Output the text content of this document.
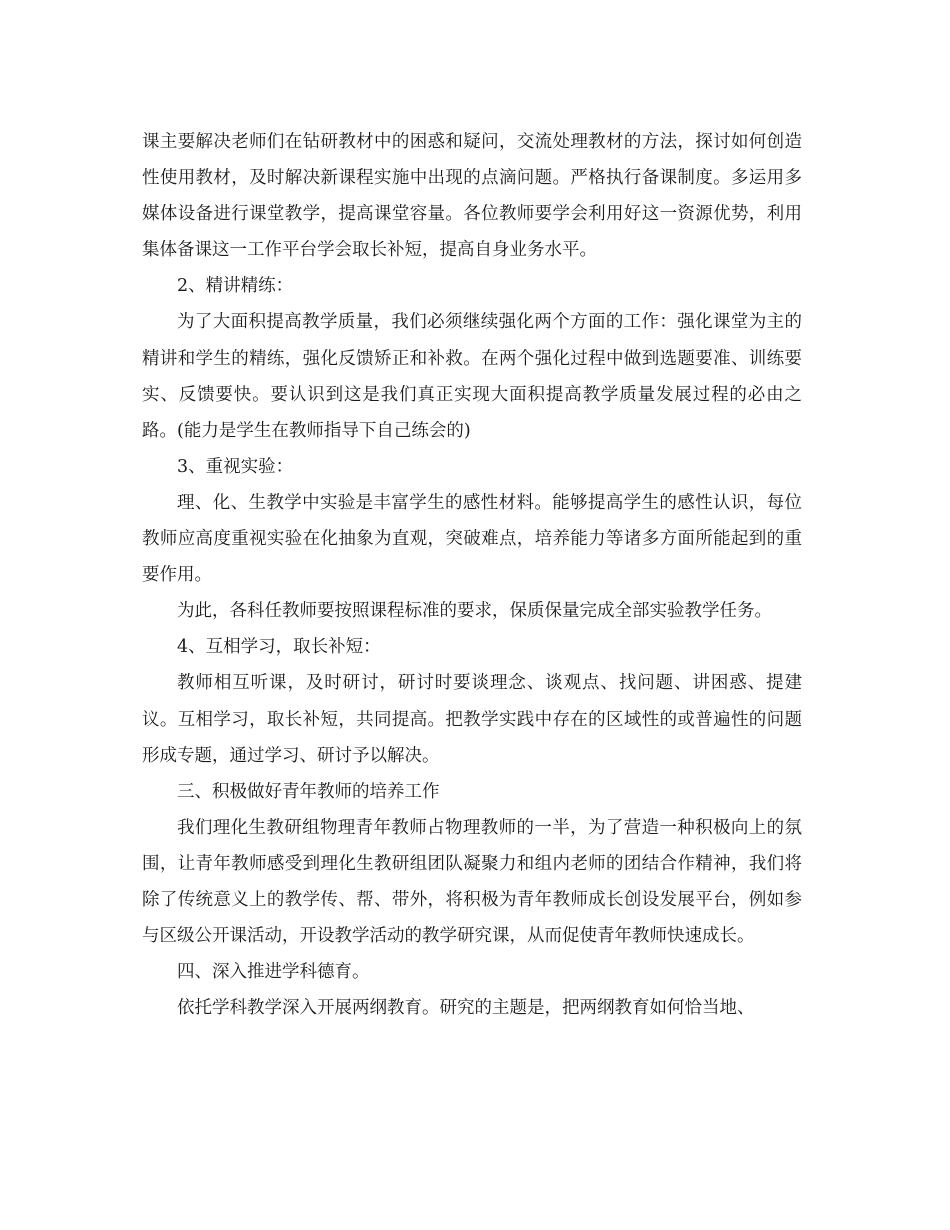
课主要解决老师们在钻研教材中的困惑和疑问，交流处理教材的方法，探讨如何创造性使用教材，及时解决新课程实施中出现的点滴问题。严格执行备课制度。多运用多媒体设备进行课堂教学，提高课堂容量。各位教师要学会利用好这一资源优势，利用集体备课这一工作平台学会取长补短，提高自身业务水平。

2、精讲精练：

为了大面积提高教学质量，我们必须继续强化两个方面的工作：强化课堂为主的精讲和学生的精练，强化反馈矫正和补救。在两个强化过程中做到选题要准、训练要实、反馈要快。要认识到这是我们真正实现大面积提高教学质量发展过程的必由之路。(能力是学生在教师指导下自己练会的)

3、重视实验：

理、化、生教学中实验是丰富学生的感性材料。能够提高学生的感性认识，每位教师应高度重视实验在化抽象为直观，突破难点，培养能力等诸多方面所能起到的重要作用。

为此，各科任教师要按照课程标准的要求，保质保量完成全部实验教学任务。

4、互相学习，取长补短：

教师相互听课，及时研讨，研讨时要谈理念、谈观点、找问题、讲困惑、提建议。互相学习，取长补短，共同提高。把教学实践中存在的区域性的或普遍性的问题形成专题，通过学习、研讨予以解决。

三、积极做好青年教师的培养工作

我们理化生教研组物理青年教师占物理教师的一半，为了营造一种积极向上的氛围，让青年教师感受到理化生教研组团队凝聚力和组内老师的团结合作精神，我们将除了传统意义上的教学传、帮、带外，将积极为青年教师成长创设发展平台，例如参与区级公开课活动，开设教学活动的教学研究课，从而促使青年教师快速成长。

四、深入推进学科德育。

依托学科教学深入开展两纲教育。研究的主题是，把两纲教育如何恰当地、
